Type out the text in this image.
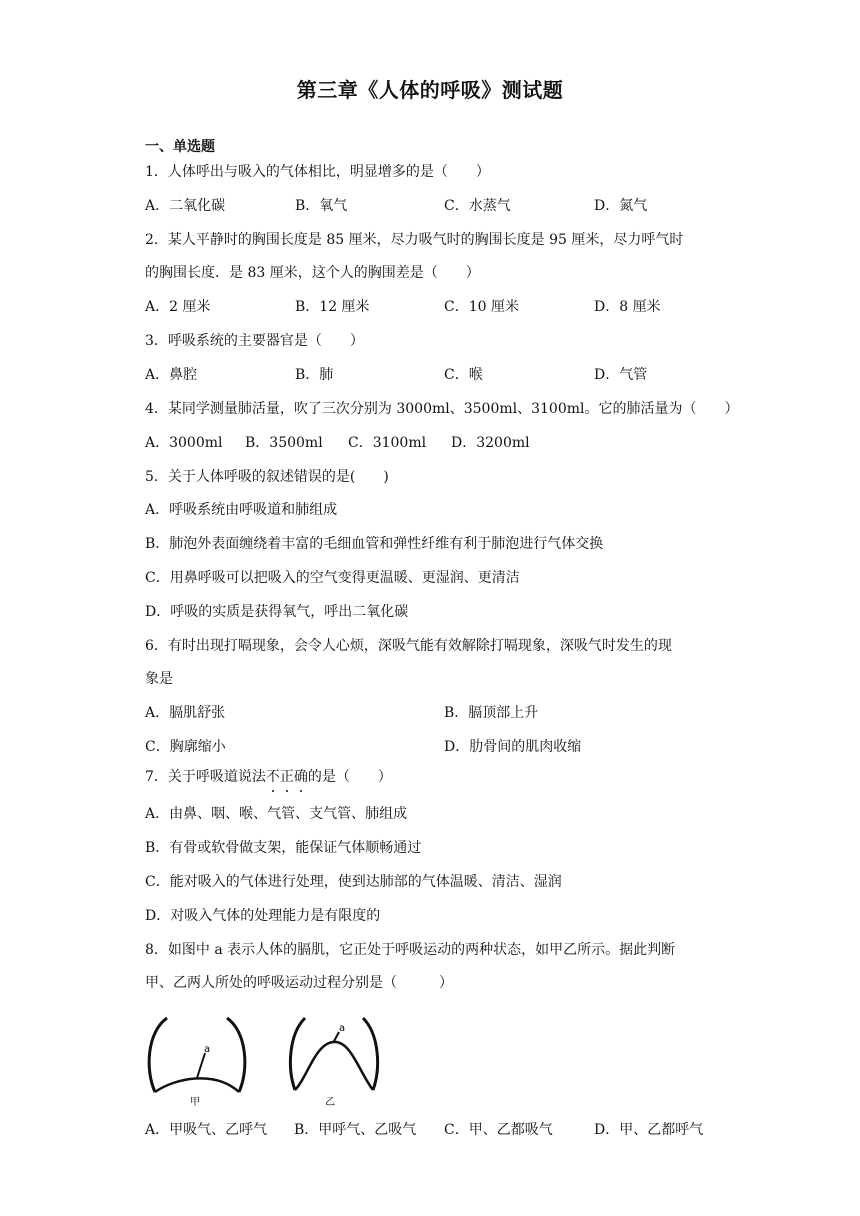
第三章《人体的呼吸》测试题
一、单选题
1．人体呼出与吸入的气体相比，明显增多的是（　　）
A．二氧化碳	B．氧气	C．水蒸气	D．氮气
2．某人平静时的胸围长度是 85 厘米，尽力吸气时的胸围长度是 95 厘米，尽力呼气时
的胸围长度．是 83 厘米，这个人的胸围差是（　　）
A．2 厘米	B．12 厘米	C．10 厘米	D．8 厘米
3．呼吸系统的主要器官是（　　）
A．鼻腔	B．肺	C．喉	D．气管
4．某同学测量肺活量，吹了三次分别为 3000ml、3500ml、3100ml。它的肺活量为（　　）
A．3000ml B．3500ml C．3100ml D．3200ml
5．关于人体呼吸的叙述错误的是(　　)
A．呼吸系统由呼吸道和肺组成
B．肺泡外表面缠绕着丰富的毛细血管和弹性纤维有利于肺泡进行气体交换
C．用鼻呼吸可以把吸入的空气变得更温暖、更湿润、更清洁
D．呼吸的实质是获得氧气，呼出二氧化碳
6．有时出现打嗝现象，会令人心烦，深吸气能有效解除打嗝现象，深吸气时发生的现
象是
A．膈肌舒张	B．膈顶部上升
C．胸廓缩小	D．肋骨间的肌肉收缩
7．关于呼吸道说法不正确的是（　　）
A．由鼻、咽、喉、气管、支气管、肺组成
B．有骨或软骨做支架，能保证气体顺畅通过
C．能对吸入的气体进行处理，使到达肺部的气体温暖、清洁、湿润
D．对吸入气体的处理能力是有限度的
8．如图中 a 表示人体的膈肌，它正处于呼吸运动的两种状态，如甲乙所示。据此判断
甲、乙两人所处的呼吸运动过程分别是（　　　）
a
甲
a
乙
A．甲吸气、乙呼气 B．甲呼气、乙吸气 C．甲、乙都吸气	D．甲、乙都呼气
